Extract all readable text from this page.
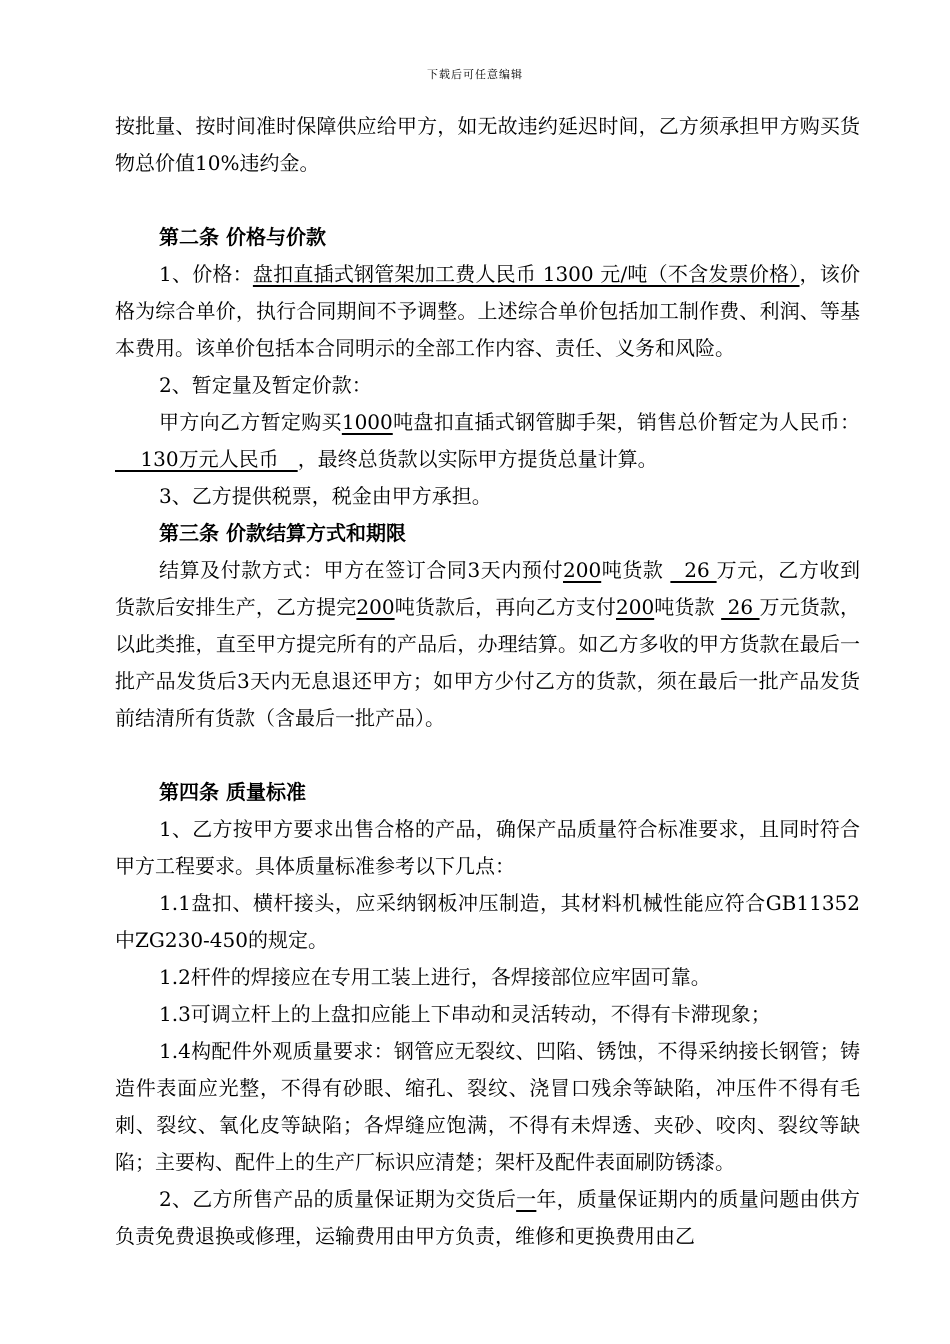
下载后可任意编辑

按批量、按时间准时保障供应给甲方，如无故违约延迟时间，乙方须承担甲方购买货物总价值10%违约金。

第二条 价格与价款

1、价格：盘扣直插式钢管架加工费人民币 1300 元/吨（不含发票价格），该价格为综合单价，执行合同期间不予调整。上述综合单价包括加工制作费、利润、等基本费用。该单价包括本合同明示的全部工作内容、责任、义务和风险。

2、暂定量及暂定价款：

甲方向乙方暂定购买1000吨盘扣直插式钢管脚手架，销售总价暂定为人民币：    130万元人民币   ，最终总货款以实际甲方提货总量计算。

3、乙方提供税票，税金由甲方承担。

第三条 价款结算方式和期限

结算及付款方式：甲方在签订合同3天内预付200吨货款   26 万元，乙方收到货款后安排生产，乙方提完200吨货款后，再向乙方支付200吨货款  26 万元货款，以此类推，直至甲方提完所有的产品后，办理结算。如乙方多收的甲方货款在最后一批产品发货后3天内无息退还甲方；如甲方少付乙方的货款，须在最后一批产品发货前结清所有货款（含最后一批产品）。

第四条 质量标准

1、乙方按甲方要求出售合格的产品，确保产品质量符合标准要求，且同时符合甲方工程要求。具体质量标准参考以下几点：

1.1盘扣、横杆接头，应采纳钢板冲压制造，其材料机械性能应符合GB11352中ZG230-450的规定。

1.2杆件的焊接应在专用工装上进行，各焊接部位应牢固可靠。

1.3可调立杆上的上盘扣应能上下串动和灵活转动，不得有卡滞现象；

1.4构配件外观质量要求：钢管应无裂纹、凹陷、锈蚀，不得采纳接长钢管；铸造件表面应光整，不得有砂眼、缩孔、裂纹、浇冒口残余等缺陷，冲压件不得有毛刺、裂纹、氧化皮等缺陷；各焊缝应饱满，不得有未焊透、夹砂、咬肉、裂纹等缺陷；主要构、配件上的生产厂标识应清楚；架杆及配件表面刷防锈漆。

2、乙方所售产品的质量保证期为交货后一年，质量保证期内的质量问题由供方负责免费退换或修理，运输费用由甲方负责，维修和更换费用由乙
